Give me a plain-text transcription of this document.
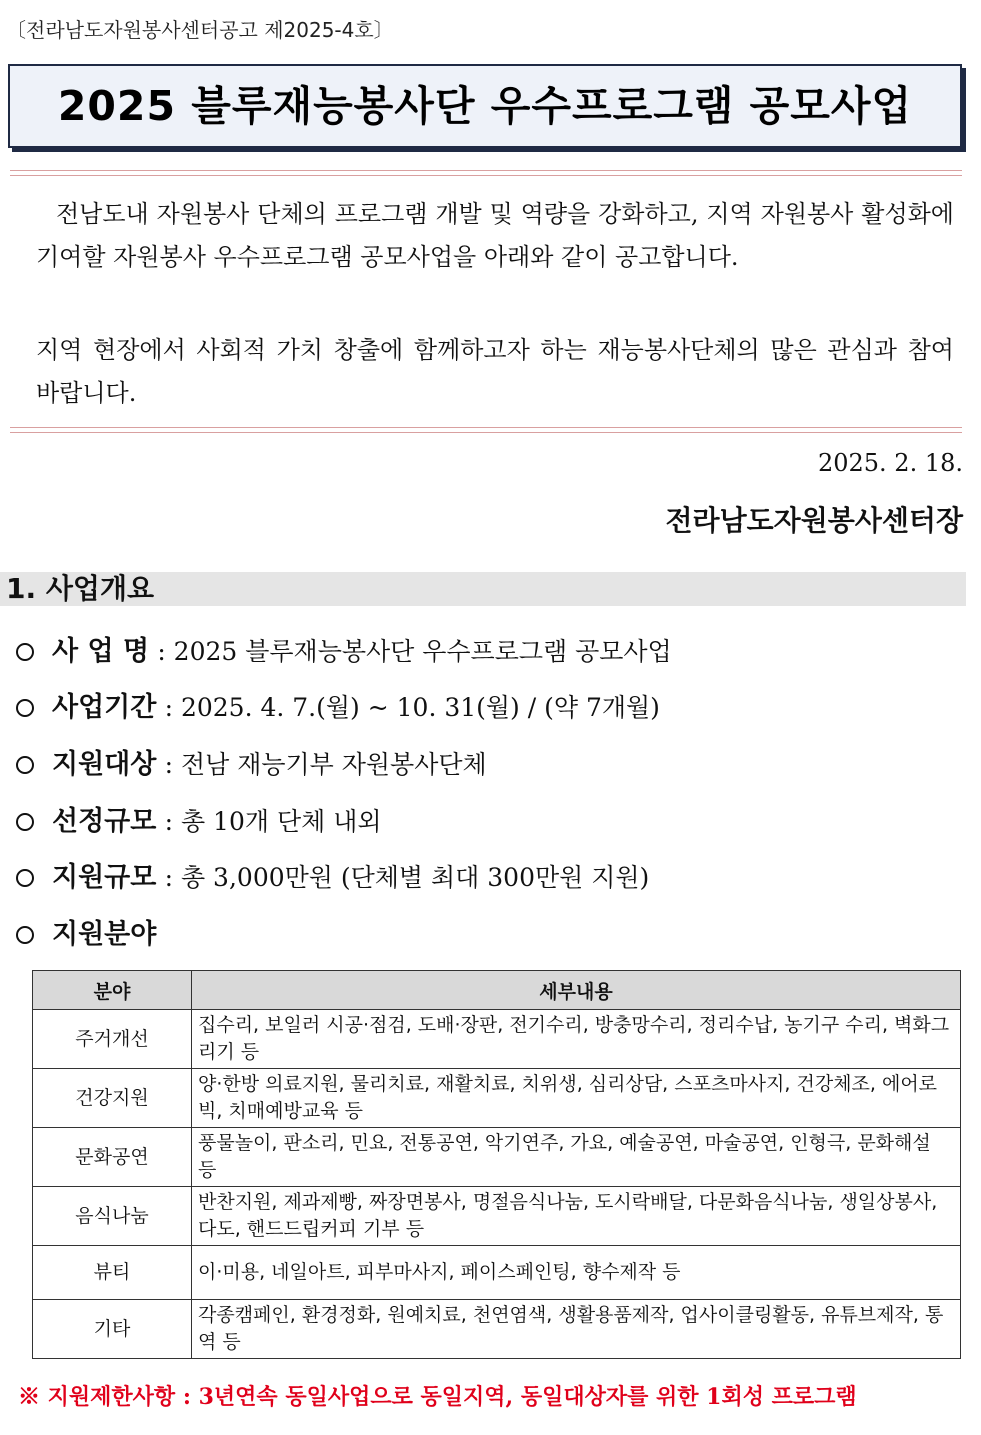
〔전라남도자원봉사센터공고 제2025-4호〕
2025 블루재능봉사단 우수프로그램 공모사업

전남도내 자원봉사 단체의 프로그램 개발 및 역량을 강화하고, 지역 자원봉사 활성화에 기여할 자원봉사 우수프로그램 공모사업을 아래와 같이 공고합니다.

지역 현장에서 사회적 가치 창출에 함께하고자 하는 재능봉사단체의 많은 관심과 참여 바랍니다.

2025. 2. 18.
전라남도자원봉사센터장
1. 사업개요
사 업 명 : 2025 블루재능봉사단 우수프로그램 공모사업
사업기간 : 2025. 4. 7.(월) ~ 10. 31(월) / (약 7개월)
지원대상 : 전남 재능기부 자원봉사단체
선정규모 : 총 10개 단체 내외
지원규모 : 총 3,000만원 (단체별 최대 300만원 지원)
지원분야
분야	세부내용
주거개선	집수리, 보일러 시공·점검, 도배·장판, 전기수리, 방충망수리, 정리수납, 농기구 수리, 벽화그리기 등
건강지원	양·한방 의료지원, 물리치료, 재활치료, 치위생, 심리상담, 스포츠마사지, 건강체조, 에어로빅, 치매예방교육 등
문화공연	풍물놀이, 판소리, 민요, 전통공연, 악기연주, 가요, 예술공연, 마술공연, 인형극, 문화해설 등
음식나눔	반찬지원, 제과제빵, 짜장면봉사, 명절음식나눔, 도시락배달, 다문화음식나눔, 생일상봉사, 다도, 핸드드립커피 기부 등
뷰티	이·미용, 네일아트, 피부마사지, 페이스페인팅, 향수제작 등
기타	각종캠페인, 환경정화, 원예치료, 천연염색, 생활용품제작, 업사이클링활동, 유튜브제작, 통역 등
※ 지원제한사항 : 3년연속 동일사업으로 동일지역, 동일대상자를 위한 1회성 프로그램
